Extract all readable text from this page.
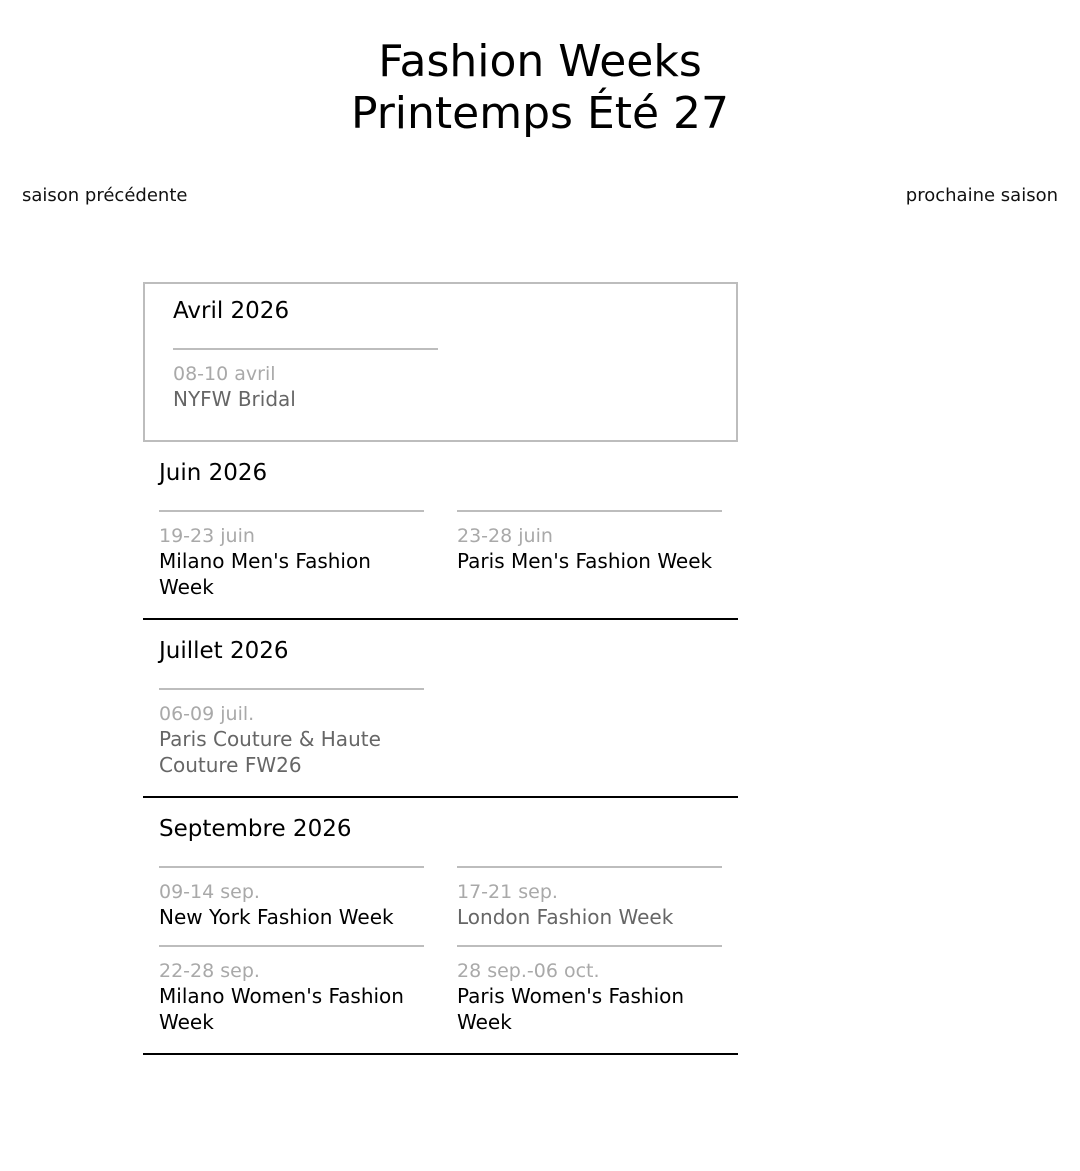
Fashion Weeks
Printemps Été 27
saison précédente	prochaine saison
Avril 2026
08-10 avril
NYFW Bridal
Juin 2026
19-23 juin
Milano Men's Fashion Week
23-28 juin
Paris Men's Fashion Week
Juillet 2026
06-09 juil.
Paris Couture & Haute Couture FW26
Septembre 2026
09-14 sep.
New York Fashion Week
17-21 sep.
London Fashion Week
22-28 sep.
Milano Women's Fashion Week
28 sep.-06 oct.
Paris Women's Fashion Week
